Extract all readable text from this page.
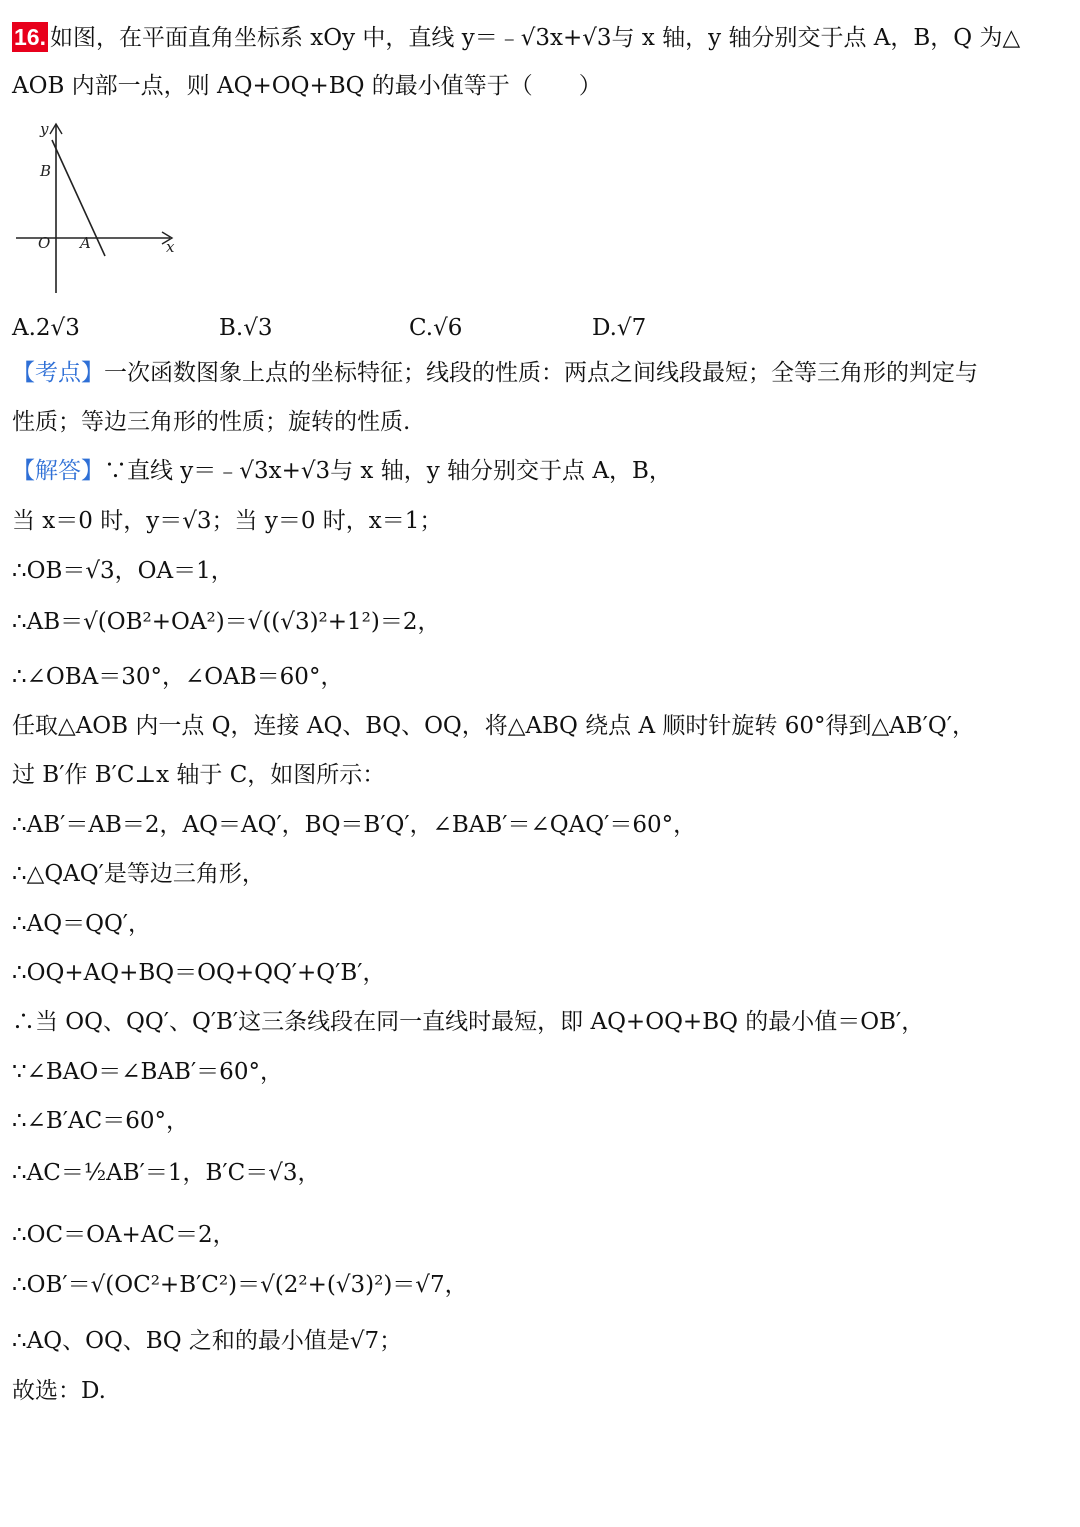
16. 如图，在平面直角坐标系 xOy 中，直线 y＝﹣√3x+√3与 x 轴，y 轴分别交于点 A，B，Q 为△
AOB 内部一点，则 AQ+OQ+BQ 的最小值等于（　　）
y
x
O A
B
A.2√3	B.√3	C.√6	D.√7
【考点】一次函数图象上点的坐标特征；线段的性质：两点之间线段最短；全等三角形的判定与
性质；等边三角形的性质；旋转的性质.
【解答】∵直线 y＝﹣√3x+√3与 x 轴，y 轴分别交于点 A，B，
当 x＝0 时，y＝√3；当 y＝0 时，x＝1；
∴OB＝√3，OA＝1，
∴AB＝√(OB²+OA²)＝√((√3)²+1²)＝2，
∴∠OBA＝30°，∠OAB＝60°，
任取△AOB 内一点 Q，连接 AQ、BQ、OQ，将△ABQ 绕点 A 顺时针旋转 60°得到△AB′Q′，
过 B′作 B′C⊥x 轴于 C，如图所示：
∴AB′＝AB＝2，AQ＝AQ′，BQ＝B′Q′，∠BAB′＝∠QAQ′＝60°，
∴△QAQ′是等边三角形，
∴AQ＝QQ′，
∴OQ+AQ+BQ＝OQ+QQ′+Q′B′，
∴当 OQ、QQ′、Q′B′这三条线段在同一直线时最短，即 AQ+OQ+BQ 的最小值＝OB′，
∵∠BAO＝∠BAB′＝60°，
∴∠B′AC＝60°，
∴AC＝½AB′＝1，B′C＝√3，
∴OC＝OA+AC＝2，
∴OB′＝√(OC²+B′C²)＝√(2²+(√3)²)＝√7，
∴AQ、OQ、BQ 之和的最小值是√7；
故选：D.
